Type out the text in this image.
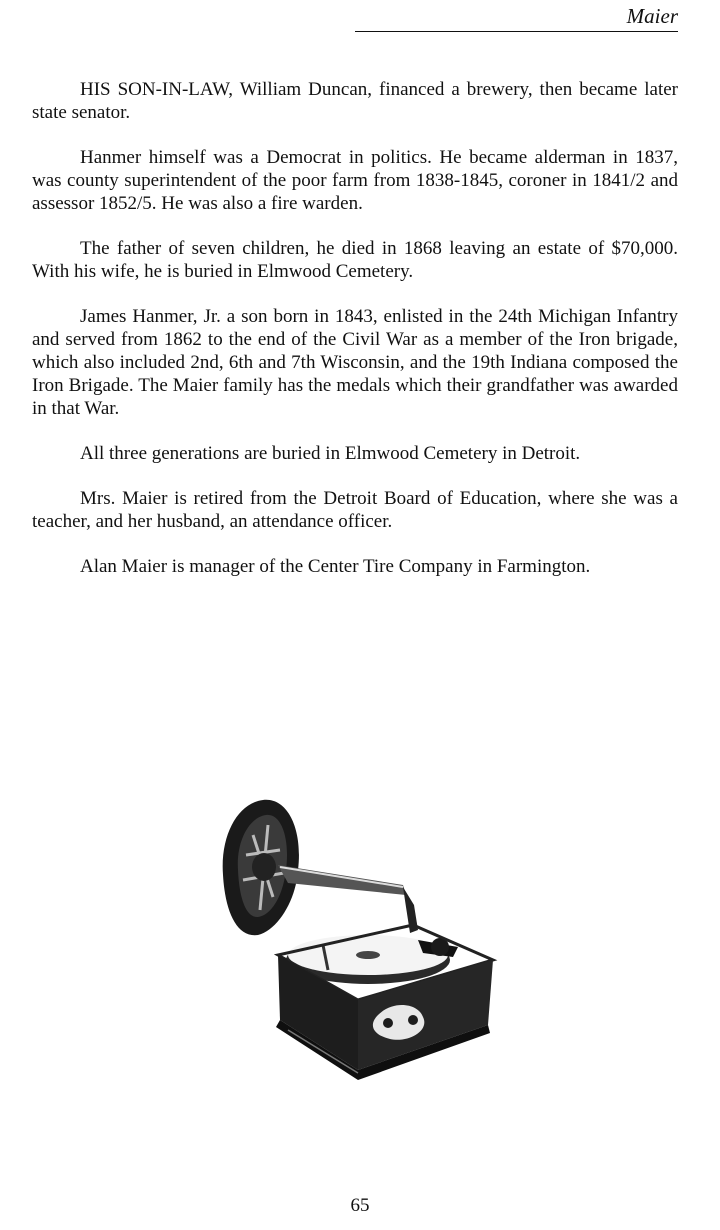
Maier

HIS SON-IN-LAW, William Duncan, financed a brewery, then became later state senator.

Hanmer himself was a Democrat in politics. He became alderman in 1837, was county superintendent of the poor farm from 1838-1845, coroner in 1841/2 and assessor 1852/5. He was also a fire warden.

The father of seven children, he died in 1868 leaving an estate of $70,000. With his wife, he is buried in Elmwood Cemetery.

James Hanmer, Jr. a son born in 1843, enlisted in the 24th Michigan Infantry and served from 1862 to the end of the Civil War as a member of the Iron brigade, which also included 2nd, 6th and 7th Wisconsin, and the 19th Indiana composed the Iron Brigade. The Maier family has the medals which their grandfather was awarded in that War.

All three generations are buried in Elmwood Cemetery in Detroit.

Mrs. Maier is retired from the Detroit Board of Education, where she was a teacher, and her husband, an attendance officer.

Alan Maier is manager of the Center Tire Company in Farmington.

65
